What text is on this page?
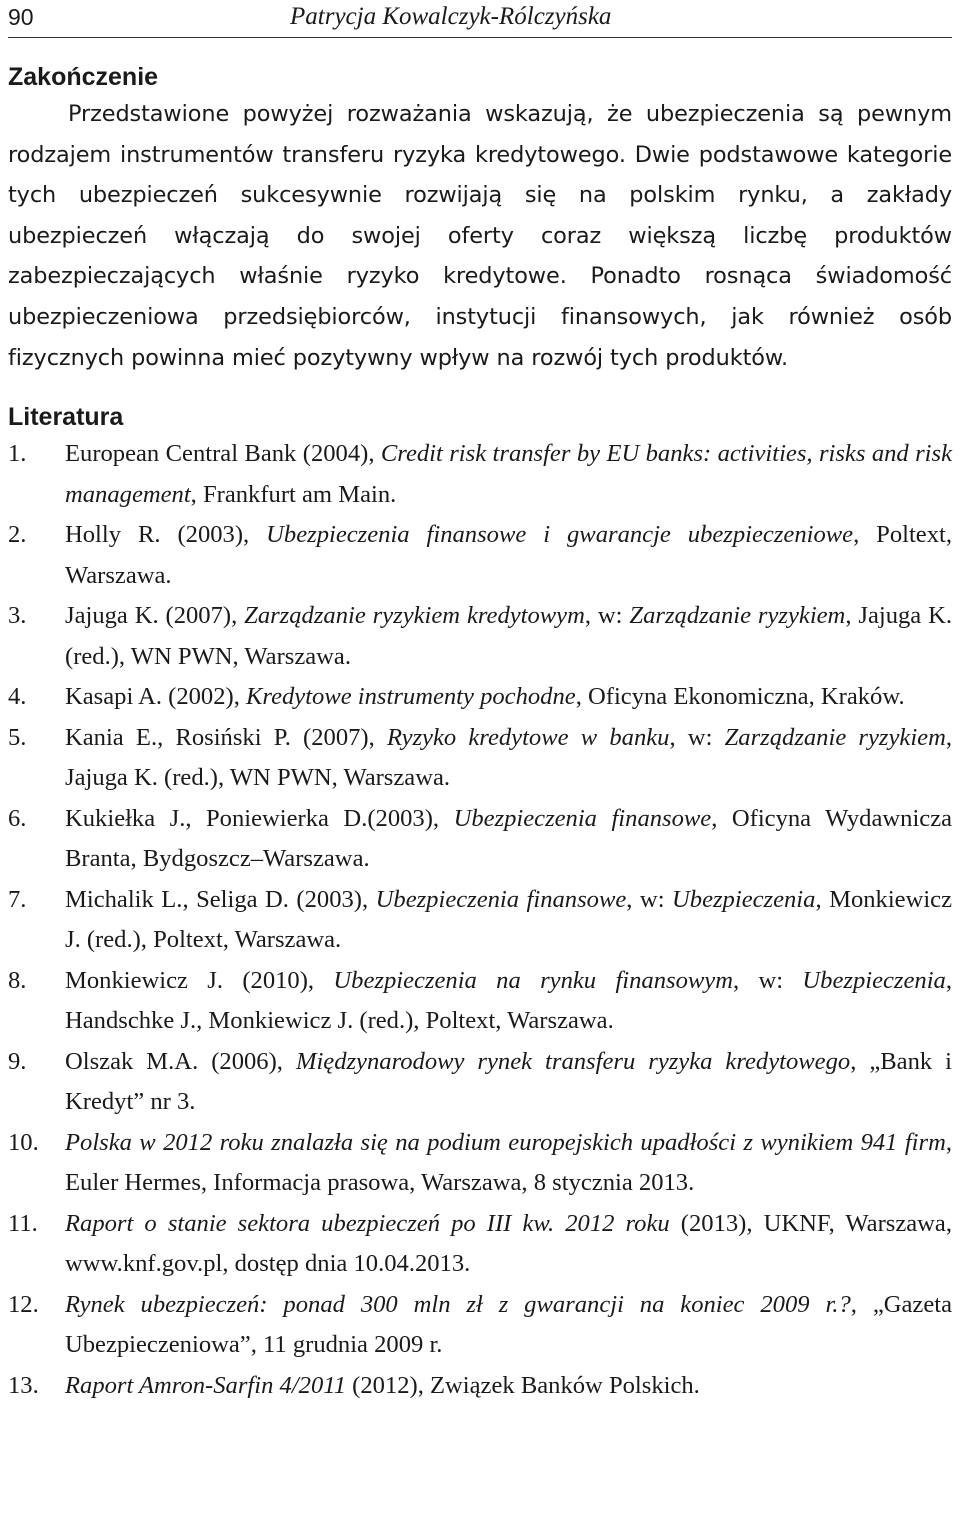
90	Patrycja Kowalczyk-Rólczyńska
Zakończenie

Przedstawione powyżej rozważania wskazują, że ubezpieczenia są pewnym rodzajem instrumentów transferu ryzyka kredytowego. Dwie podstawowe kategorie tych ubezpieczeń sukcesywnie rozwijają się na polskim rynku, a zakłady ubezpieczeń włączają do swojej oferty coraz większą liczbę produktów zabezpieczających właśnie ryzyko kredytowe. Ponadto rosnąca świadomość ubezpieczeniowa przedsiębiorców, instytucji finansowych, jak również osób fizycznych powinna mieć pozytywny wpływ na rozwój tych produktów.

Literatura
1.	European Central Bank (2004), Credit risk transfer by EU banks: activities, risks and risk management, Frankfurt am Main.
2.	Holly R. (2003), Ubezpieczenia finansowe i gwarancje ubezpieczeniowe, Poltext, Warszawa.
3.	Jajuga K. (2007), Zarządzanie ryzykiem kredytowym, w: Zarządzanie ryzykiem, Jajuga K. (red.), WN PWN, Warszawa.
4.	Kasapi A. (2002), Kredytowe instrumenty pochodne, Oficyna Ekonomiczna, Kraków.
5.	Kania E., Rosiński P. (2007), Ryzyko kredytowe w banku, w: Zarządzanie ryzykiem, Jajuga K. (red.), WN PWN, Warszawa.
6.	Kukiełka J., Poniewierka D.(2003), Ubezpieczenia finansowe, Oficyna Wydawnicza Branta, Bydgoszcz–Warszawa.
7.	Michalik L., Seliga D. (2003), Ubezpieczenia finansowe, w: Ubezpieczenia, Monkiewicz J. (red.), Poltext, Warszawa.
8.	Monkiewicz J. (2010), Ubezpieczenia na rynku finansowym, w: Ubezpieczenia, Handschke J., Monkiewicz J. (red.), Poltext, Warszawa.
9.	Olszak M.A. (2006), Międzynarodowy rynek transferu ryzyka kredytowego, „Bank i Kredyt” nr 3.
10.	Polska w 2012 roku znalazła się na podium europejskich upadłości z wynikiem 941 firm, Euler Hermes, Informacja prasowa, Warszawa, 8 stycznia 2013.
11.	Raport o stanie sektora ubezpieczeń po III kw. 2012 roku (2013), UKNF, Warszawa, www.knf.gov.pl, dostęp dnia 10.04.2013.
12.	Rynek ubezpieczeń: ponad 300 mln zł z gwarancji na koniec 2009 r.?, „Gazeta Ubezpieczeniowa”, 11 grudnia 2009 r.
13.	Raport Amron-Sarfin 4/2011 (2012), Związek Banków Polskich.
